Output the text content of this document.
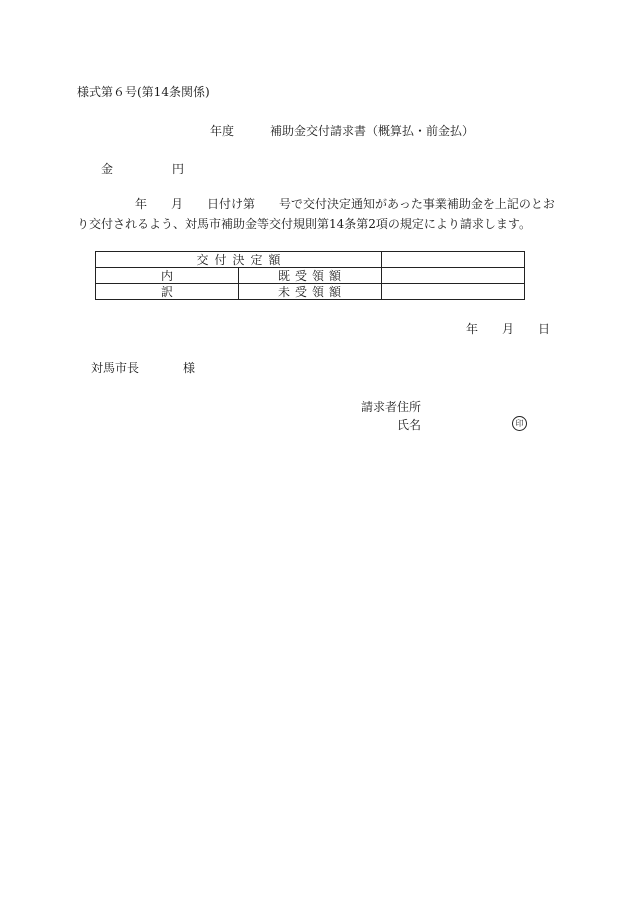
様式第６号(第14条関係)
年度	補助金交付請求書（概算払・前金払）
金	円
年 月 日付け第 号で交付決定通知があった事業補助金を上記のとお
り交付されるよう、対馬市補助金等交付規則第14条第2項の規定により請求します。
交付決定額		
内	既受領額	
訳	未受領額	
年 月 日
対馬市長	様
請求者住所
氏名	印
